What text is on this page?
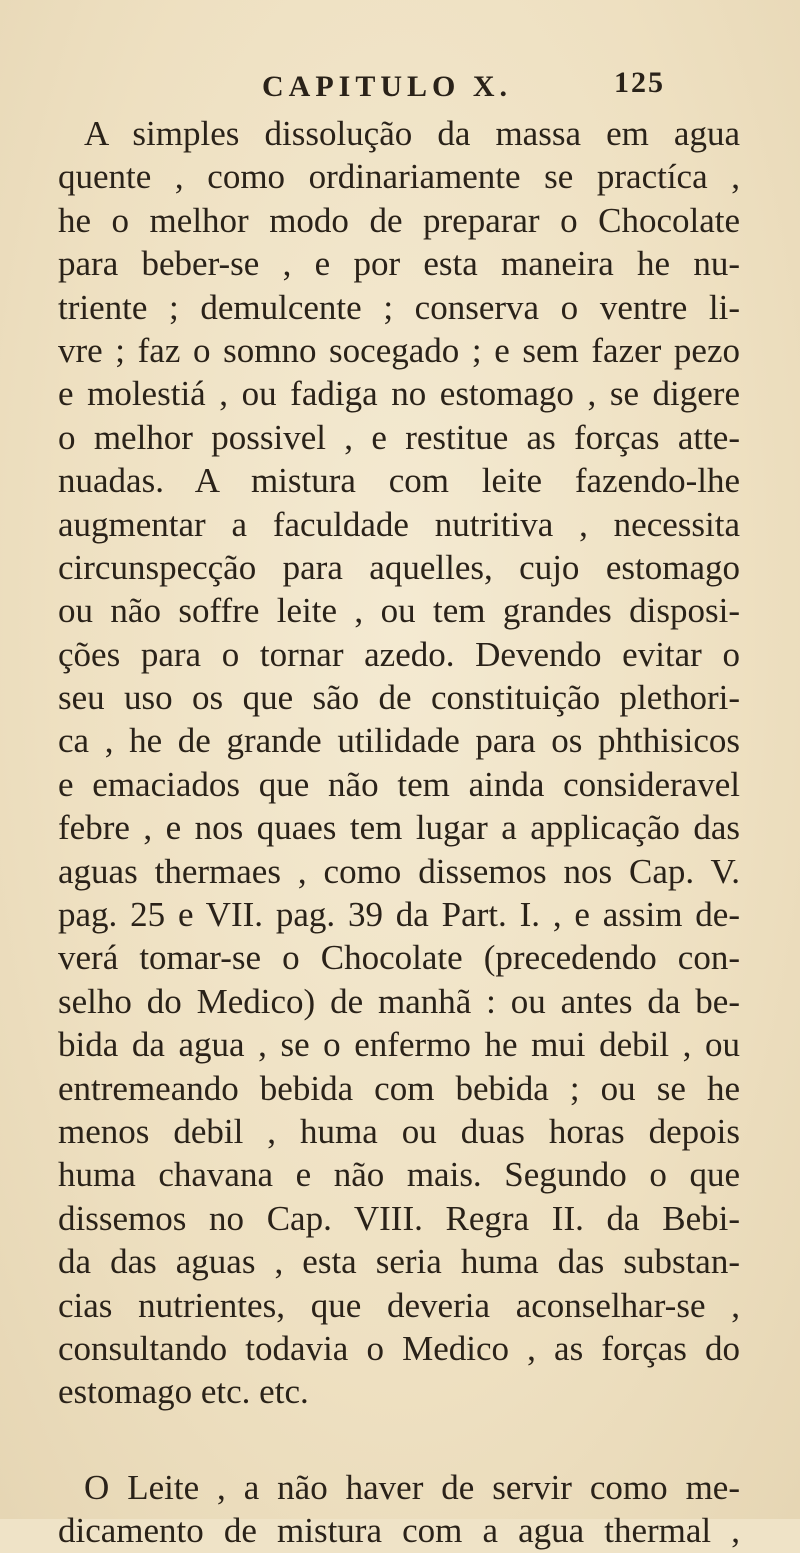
CAPITULO X.	125
A simples dissolução da massa em agua
quente , como ordinariamente se practíca ,
he o melhor modo de preparar o Chocolate
para beber-se , e por esta maneira he nu-
triente ; demulcente ; conserva o ventre li-
vre ; faz o somno socegado ; e sem fazer pezo
e molestiá , ou fadiga no estomago , se digere
o melhor possivel , e restitue as forças atte-
nuadas. A mistura com leite fazendo-lhe
augmentar a faculdade nutritiva , necessita
circunspecção para aquelles, cujo estomago
ou não soffre leite , ou tem grandes disposi-
ções para o tornar azedo. Devendo evitar o
seu uso os que são de constituição plethori-
ca , he de grande utilidade para os phthisicos
e emaciados que não tem ainda consideravel
febre , e nos quaes tem lugar a applicação das
aguas thermaes , como dissemos nos Cap. V.
pag. 25 e VII. pag. 39 da Part. I. , e assim de-
verá tomar-se o Chocolate (precedendo con-
selho do Medico) de manhã : ou antes da be-
bida da agua , se o enfermo he mui debil , ou
entremeando bebida com bebida ; ou se he
menos debil , huma ou duas horas depois
huma chavana e não mais. Segundo o que
dissemos no Cap. VIII. Regra II. da Bebi-
da das aguas , esta seria huma das substan-
cias nutrientes, que deveria aconselhar-se ,
consultando todavia o Medico , as forças do
estomago etc. etc.
O Leite , a não haver de servir como me-
dicamento de mistura com a agua thermal ,
